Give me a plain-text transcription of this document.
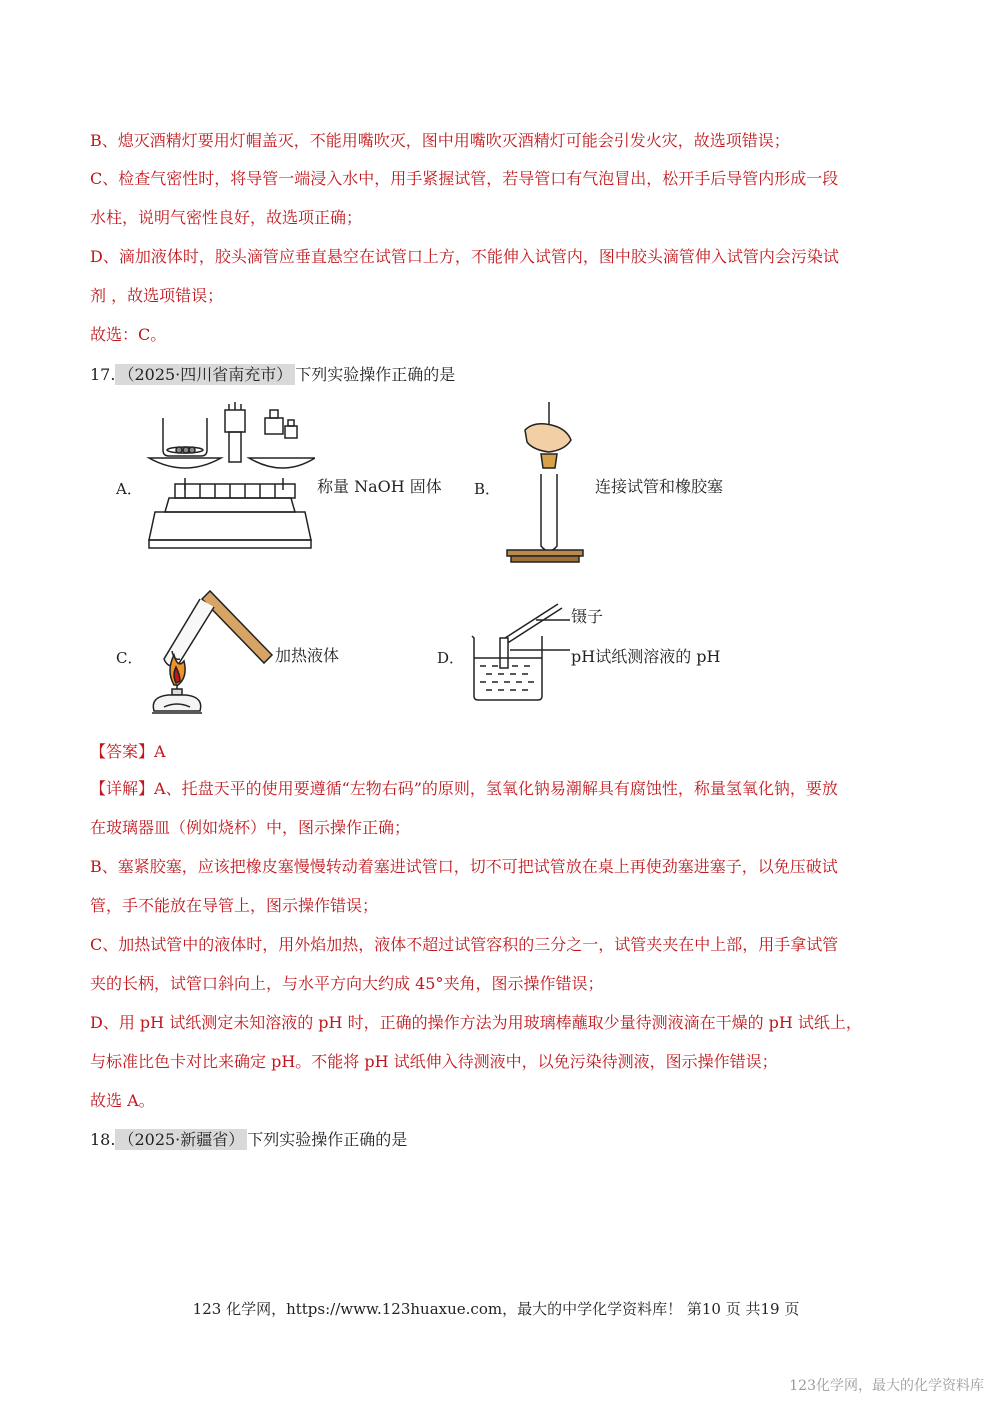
B、熄灭酒精灯要用灯帽盖灭，不能用嘴吹灭，图中用嘴吹灭酒精灯可能会引发火灾，故选项错误；
C、检查气密性时，将导管一端浸入水中，用手紧握试管，若导管口有气泡冒出，松开手后导管内形成一段
水柱，说明气密性良好，故选项正确；
D、滴加液体时，胶头滴管应垂直悬空在试管口上方，不能伸入试管内，图中胶头滴管伸入试管内会污染试
剂 ，故选项错误；
故选：C。
17. （2025·四川省南充市） 下列实验操作正确的是
A．	称量 NaOH 固体 B．	连接试管和橡胶塞
C．	加热液体	D．
镊子
pH试纸测溶液的 pH
【答案】A
【详解】A、托盘天平的使用要遵循“左物右码”的原则，氢氧化钠易潮解具有腐蚀性，称量氢氧化钠，要放
在玻璃器皿（例如烧杯）中，图示操作正确；
B、塞紧胶塞，应该把橡皮塞慢慢转动着塞进试管口，切不可把试管放在桌上再使劲塞进塞子，以免压破试
管，手不能放在导管上，图示操作错误；
C、加热试管中的液体时，用外焰加热，液体不超过试管容积的三分之一，试管夹夹在中上部，用手拿试管
夹的长柄，试管口斜向上，与水平方向大约成 45°夹角，图示操作错误；
D、用 pH 试纸测定未知溶液的 pH 时，正确的操作方法为用玻璃棒蘸取少量待测液滴在干燥的 pH 试纸上，
与标准比色卡对比来确定 pH。不能将 pH 试纸伸入待测液中，以免污染待测液，图示操作错误；
故选 A。
18. （2025·新疆省） 下列实验操作正确的是
123 化学网，https://www.123huaxue.com，最大的中学化学资料库！ 第10 页 共19 页
123化学网，最大的化学资料库
